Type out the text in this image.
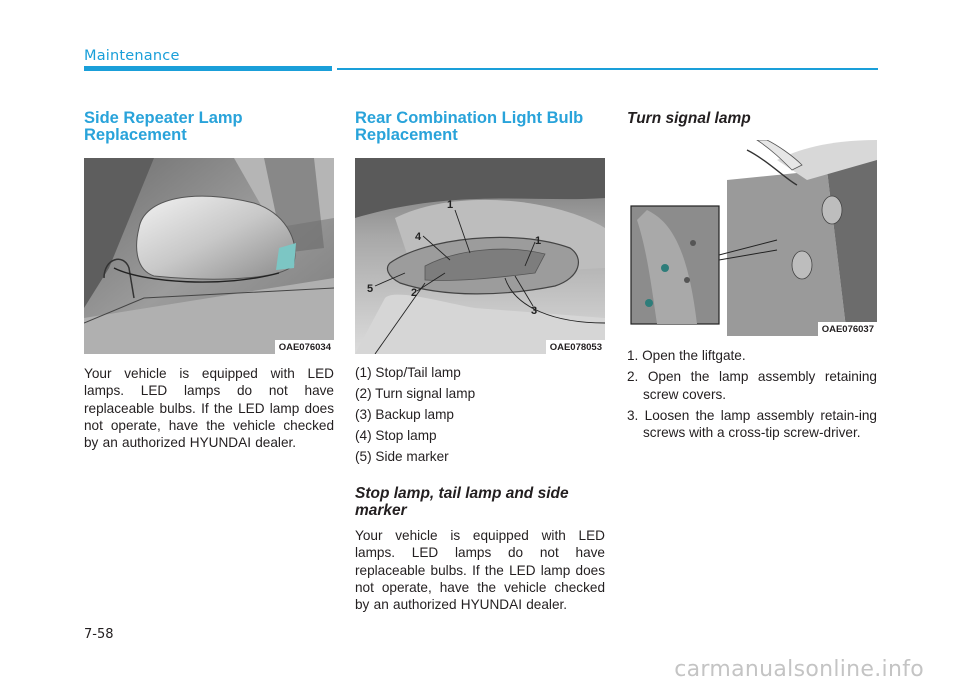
Maintenance
Side Repeater Lamp Replacement
OAE076034

Your vehicle is equipped with LED lamps. LED lamps do not have replaceable bulbs. If the LED lamp does not operate, have the vehicle checked by an authorized HYUNDAI dealer.

Rear Combination Light Bulb Replacement
1
4	1
5	2
3
OAE078053
(1) Stop/Tail lamp
(2) Turn signal lamp
(3) Backup lamp
(4) Stop lamp
(5) Side marker
Stop lamp, tail lamp and side marker

Your vehicle is equipped with LED lamps. LED lamps do not have replaceable bulbs. If the LED lamp does not operate, have the vehicle checked by an authorized HYUNDAI dealer.

Turn signal lamp
OAE076037
1. Open the liftgate.
2. Open the lamp assembly retaining screw covers.
3. Loosen the lamp assembly retain-ing screws with a cross-tip screw-driver.
7-58
carmanualsonline.info
